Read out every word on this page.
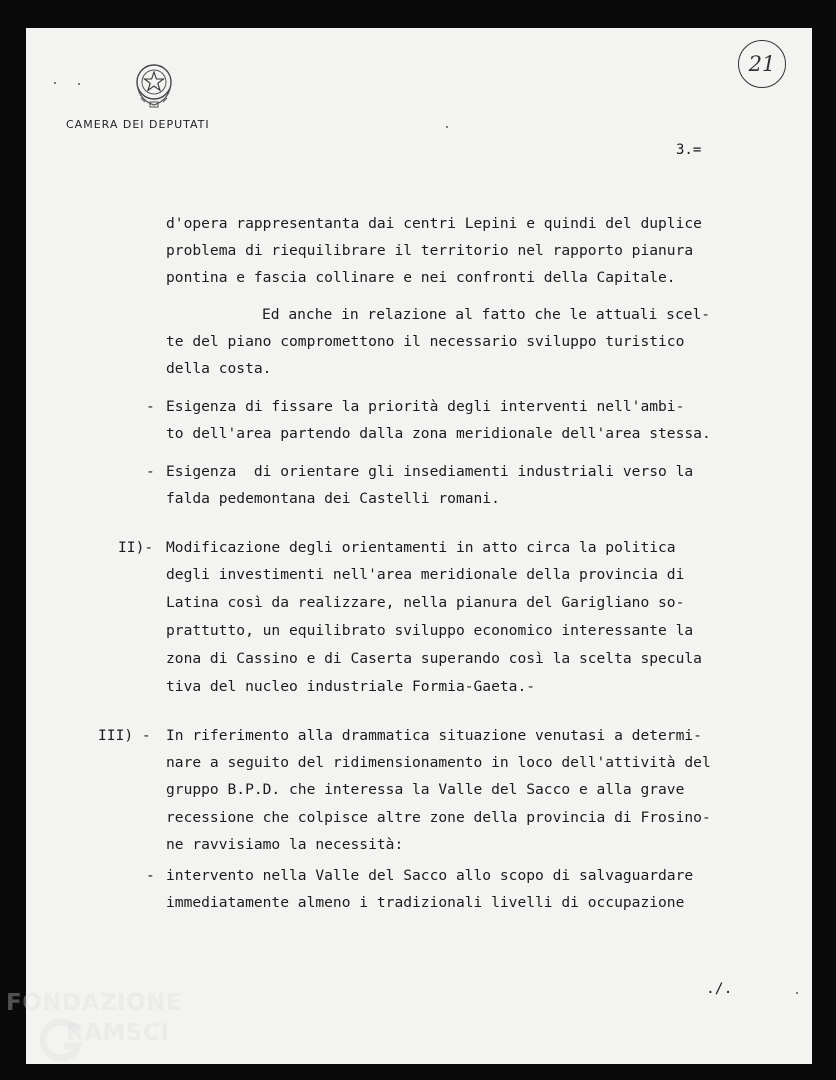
CAMERA DEI DEPUTATI
3.=
21
d'opera rappresentanta dai centri Lepini e quindi del duplice
problema di riequilibrare il territorio nel rapporto pianura
pontina e fascia collinare e nei confronti della Capitale.
Ed anche in relazione al fatto che le attuali scel-
te del piano compromettono il necessario sviluppo turistico
della costa.
- Esigenza di fissare la priorità degli interventi nell'ambi-
to dell'area partendo dalla zona meridionale dell'area stessa.
- Esigenza  di orientare gli insediamenti industriali verso la
falda pedemontana dei Castelli romani.
II)- Modificazione degli orientamenti in atto circa la politica
degli investimenti nell'area meridionale della provincia di
Latina così da realizzare, nella pianura del Garigliano so-
prattutto, un equilibrato sviluppo economico interessante la
zona di Cassino e di Caserta superando così la scelta specula
tiva del nucleo industriale Formia-Gaeta.-
III) - In riferimento alla drammatica situazione venutasi a determi-
nare a seguito del ridimensionamento in loco dell'attività del
gruppo B.P.D. che interessa la Valle del Sacco e alla grave
recessione che colpisce altre zone della provincia di Frosino-
ne ravvisiamo la necessità:
- intervento nella Valle del Sacco allo scopo di salvaguardare
immediatamente almeno i tradizionali livelli di occupazione
./.
FONDAZIONE
RAMSCI
